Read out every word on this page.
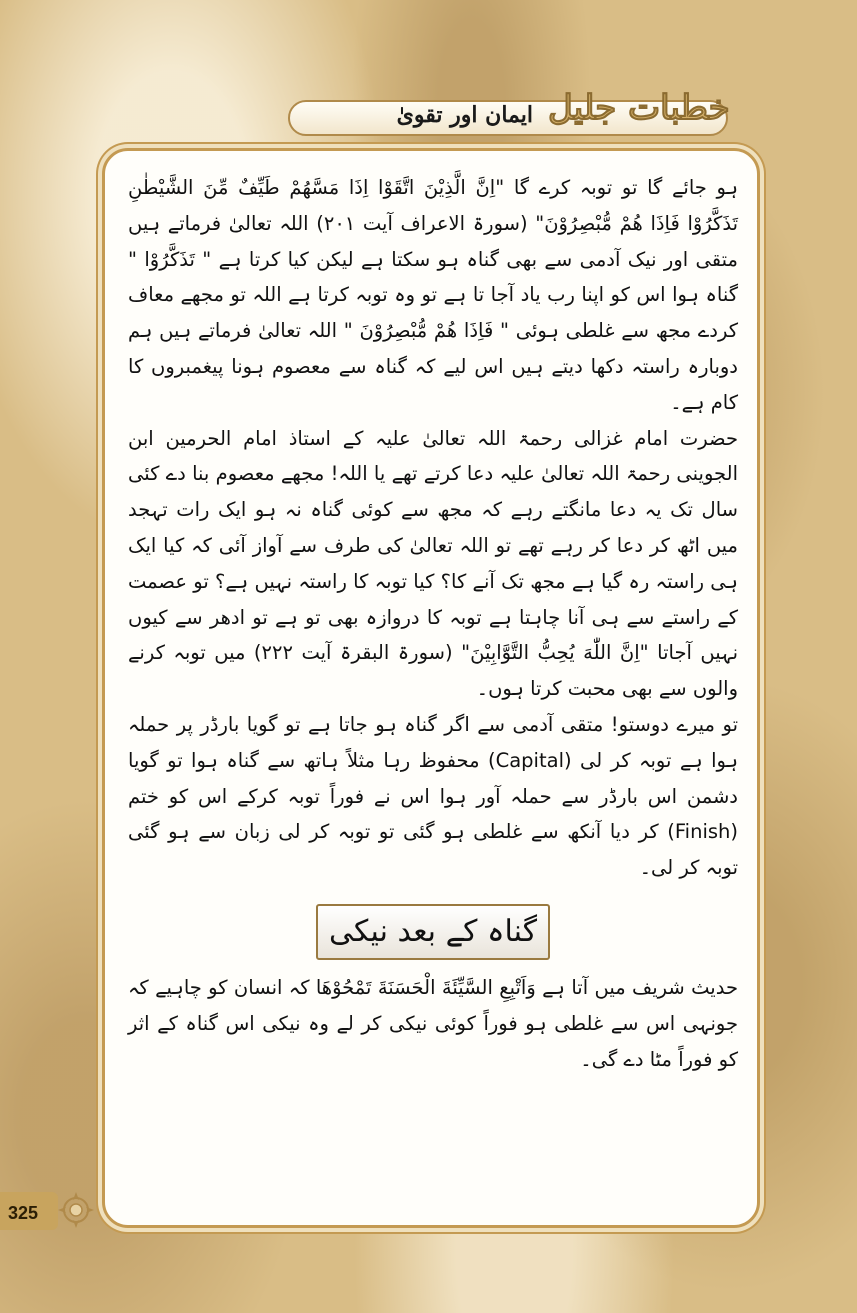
ایمان اور تقویٰ خطبات جليل

ہو جائے گا تو توبہ کرے گا "اِنَّ الَّذِيْنَ اتَّقَوْا اِذَا مَسَّهُمْ طَيِّفٌ مِّنَ الشَّيْطٰنِ تَذَكَّرُوْا فَاِذَا هُمْ مُّبْصِرُوْنَ" (سورۃ الاعراف آیت ۲۰۱) اللہ تعالیٰ فرماتے ہیں متقی اور نیک آدمی سے بھی گناہ ہو سکتا ہے لیکن کیا کرتا ہے " تَذَكَّرُوْا " گناہ ہوا اس کو اپنا رب یاد آجا تا ہے تو وہ توبہ کرتا ہے اللہ تو مجھے معاف کردے مجھ سے غلطی ہوئی " فَاِذَا هُمْ مُّبْصِرُوْنَ " اللہ تعالیٰ فرماتے ہیں ہم دوبارہ راستہ دکھا دیتے ہیں اس لیے کہ گناہ سے معصوم ہونا پیغمبروں کا کام ہے۔

حضرت امام غزالی رحمۃ اللہ تعالیٰ علیہ کے استاذ امام الحرمین ابن الجوینی رحمۃ اللہ تعالیٰ علیہ دعا کرتے تھے یا اللہ! مجھے معصوم بنا دے کئی سال تک یہ دعا مانگتے رہے کہ مجھ سے کوئی گناہ نہ ہو ایک رات تہجد میں اٹھ کر دعا کر رہے تھے تو اللہ تعالیٰ کی طرف سے آواز آئی کہ کیا ایک ہی راستہ رہ گیا ہے مجھ تک آنے کا؟ کیا توبہ کا راستہ نہیں ہے؟ تو عصمت کے راستے سے ہی آنا چاہتا ہے توبہ کا دروازہ بھی تو ہے تو ادھر سے کیوں نہیں آجاتا "اِنَّ اللّٰهَ يُحِبُّ التَّوَّابِيْنَ" (سورۃ البقرۃ آیت ۲۲۲) میں توبہ کرنے والوں سے بھی محبت کرتا ہوں۔

تو میرے دوستو! متقی آدمی سے اگر گناہ ہو جاتا ہے تو گویا بارڈر پر حملہ ہوا ہے توبہ کر لی (Capital) محفوظ رہا مثلاً ہاتھ سے گناہ ہوا تو گویا دشمن اس بارڈر سے حملہ آور ہوا اس نے فوراً توبہ کرکے اس کو ختم (Finish) کر دیا آنکھ سے غلطی ہو گئی تو توبہ کر لی زبان سے ہو گئی توبہ کر لی۔

گناہ کے بعد نیکی

حدیث شریف میں آتا ہے وَاَتْبِعِ السَّيِّئَةَ الْحَسَنَةَ تَمْحُوْهَا کہ انسان کو چاہیے کہ جونہی اس سے غلطی ہو فوراً کوئی نیکی کر لے وہ نیکی اس گناہ کے اثر کو فوراً مٹا دے گی۔

325
